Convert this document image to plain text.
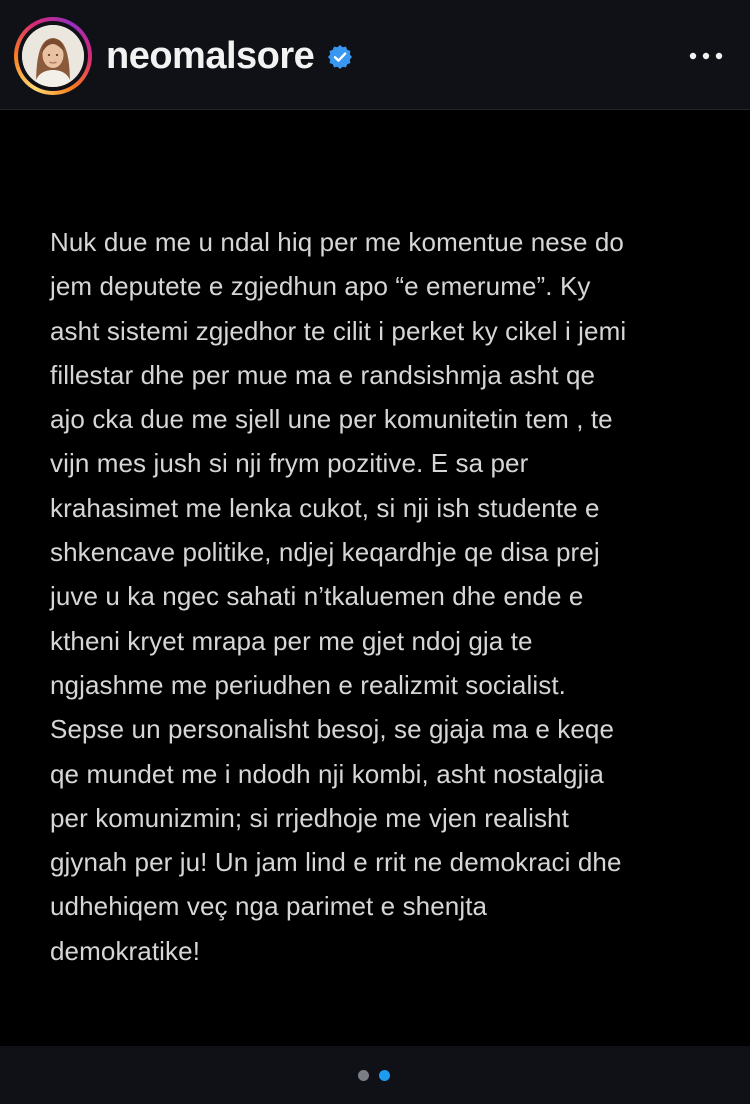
neomalsore
Nuk due me u ndal hiq per me komentue nese do
jem deputete e zgjedhun apo “e emerume”. Ky
asht sistemi zgjedhor te cilit i perket ky cikel i jemi
fillestar dhe per mue ma e randsishmja asht qe
ajo cka due me sjell une per komunitetin tem , te
vijn mes jush si nji frym pozitive. E sa per
krahasimet me lenka cukot, si nji ish studente e
shkencave politike, ndjej keqardhje qe disa prej
juve u ka ngec sahati n’tkaluemen dhe ende e
ktheni kryet mrapa per me gjet ndoj gja te
ngjashme me periudhen e realizmit socialist.
Sepse un personalisht besoj, se gjaja ma e keqe
qe mundet me i ndodh nji kombi, asht nostalgjia
per komunizmin; si rrjedhoje me vjen realisht
gjynah per ju! Un jam lind e rrit ne demokraci dhe
udhehiqem veç nga parimet e shenjta
demokratike!
